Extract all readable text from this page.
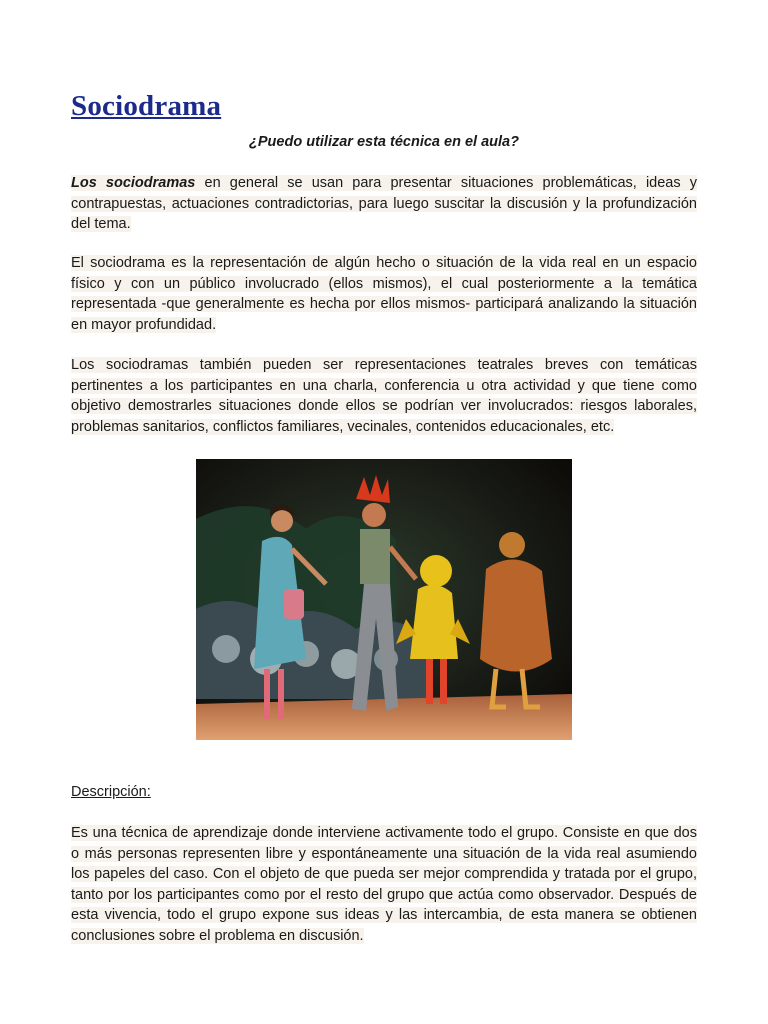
Sociodrama

¿Puedo utilizar esta técnica en el aula?

Los sociodramas en general se usan para presentar situaciones problemáticas, ideas y contrapuestas, actuaciones contradictorias, para luego suscitar la discusión y la profundización del tema.

El sociodrama es la representación de algún hecho o situación de la vida real en un espacio físico y con un público involucrado (ellos mismos), el cual posteriormente a la temática representada -que generalmente es hecha por ellos mismos- participará analizando la situación en mayor profundidad.

Los sociodramas también pueden ser representaciones teatrales breves con temáticas pertinentes a los participantes en una charla, conferencia u otra actividad y que tiene como objetivo demostrarles situaciones donde ellos se podrían ver involucrados: riesgos laborales, problemas sanitarios, conflictos familiares, vecinales, contenidos educacionales, etc.

Descripción:

Es una técnica de aprendizaje donde interviene activamente todo el grupo. Consiste en que dos o más personas representen libre y espontáneamente una situación de la vida real asumiendo los papeles del caso. Con el objeto de que pueda ser mejor comprendida y tratada por el grupo, tanto por los participantes como por el resto del grupo que actúa como observador. Después de esta vivencia, todo el grupo expone sus ideas y las intercambia, de esta manera se obtienen conclusiones sobre el problema en discusión.
